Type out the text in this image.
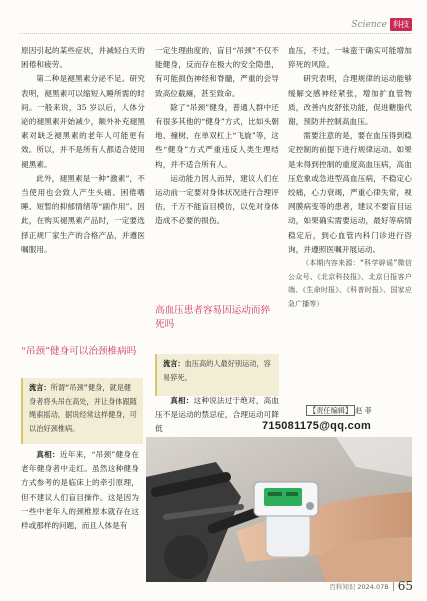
Science 科技

原因引起的某些症状，并减轻白天的困倦和疲劳。

第二种是褪黑素分泌不足。研究表明，褪黑素可以缩短入睡所需的时间。一般来说，35 岁以后，人体分泌的褪黑素开始减少，额外补充褪黑素对缺乏褪黑素的老年人可能更有效。所以，并不是所有人都适合使用褪黑素。

此外，褪黑素是一种“激素”，不当使用也会致人产生头痛、困倦嗜睡、短暂的抑郁情绪等“副作用”。因此，在购买褪黑素产品时，一定要选择正规厂家生产的合格产品，并遵医嘱服用。

“吊颈”健身可以治颈椎病吗
流言：所谓“吊颈”健身，就是健身者将头吊在高处，并让身体跟随绳索摇动，据说经常这样健身，可以治好颈椎病。

真相：近年来，“吊颈”健身在老年健身者中走红。虽然这种健身方式参考的是临床上的牵引原理，但不建议人们盲目操作。这是因为一些中老年人的颈椎原本就存在这样或那样的问题，而且人体是有

一定生理曲度的，盲目“吊颈”不仅不能健身，反而存在极大的安全隐患，有可能损伤神经和脊髓，严重的会导致高位截瘫，甚至致命。

除了“吊颈”健身，普通人群中还有很多其他的“健身”方式，比如头朝地、撞树、在单双杠上“飞旋”等，这些“健身”方式严重违反人类生理结构，并不适合所有人。

运动能力因人而异，建议人们在运动前一定要对身体状况进行合理评估，千万不能盲目模仿，以免对身体造成不必要的损伤。

高血压患者容易因运动而猝死吗
流言：血压高的人最好别运动，容易猝死。

真相：这种说法过于绝对，高血压不是运动的禁忌症，合理运动可降低

血压，不过，一味蛮干确实可能增加猝死的风险。

研究表明，合理规律的运动能够缓解交感神经紧张，增加扩血管物质，改善内皮舒张功能，促进糖脂代谢，预防并控制高血压。

需要注意的是，要在血压得到稳定控制的前提下进行规律运动。如果是未得到控制的重度高血压病，高血压危象或急进型高血压病，不稳定心绞痛，心力衰竭，严重心律失常，视网膜病变等的患者，建议不要盲目运动，如果确实需要运动，最好等病情稳定后，到心血管内科门诊进行咨询，并遵照医嘱开展运动。

（本期内容来源：“科学辟谣”微信公众号、《北京科技报》、北京日报客户端、《生命时报》、《科普时报》、国家应急广播等）

【责任编辑】 赵 菲
715081175@qq.com
百科知识 2024.07B 65
